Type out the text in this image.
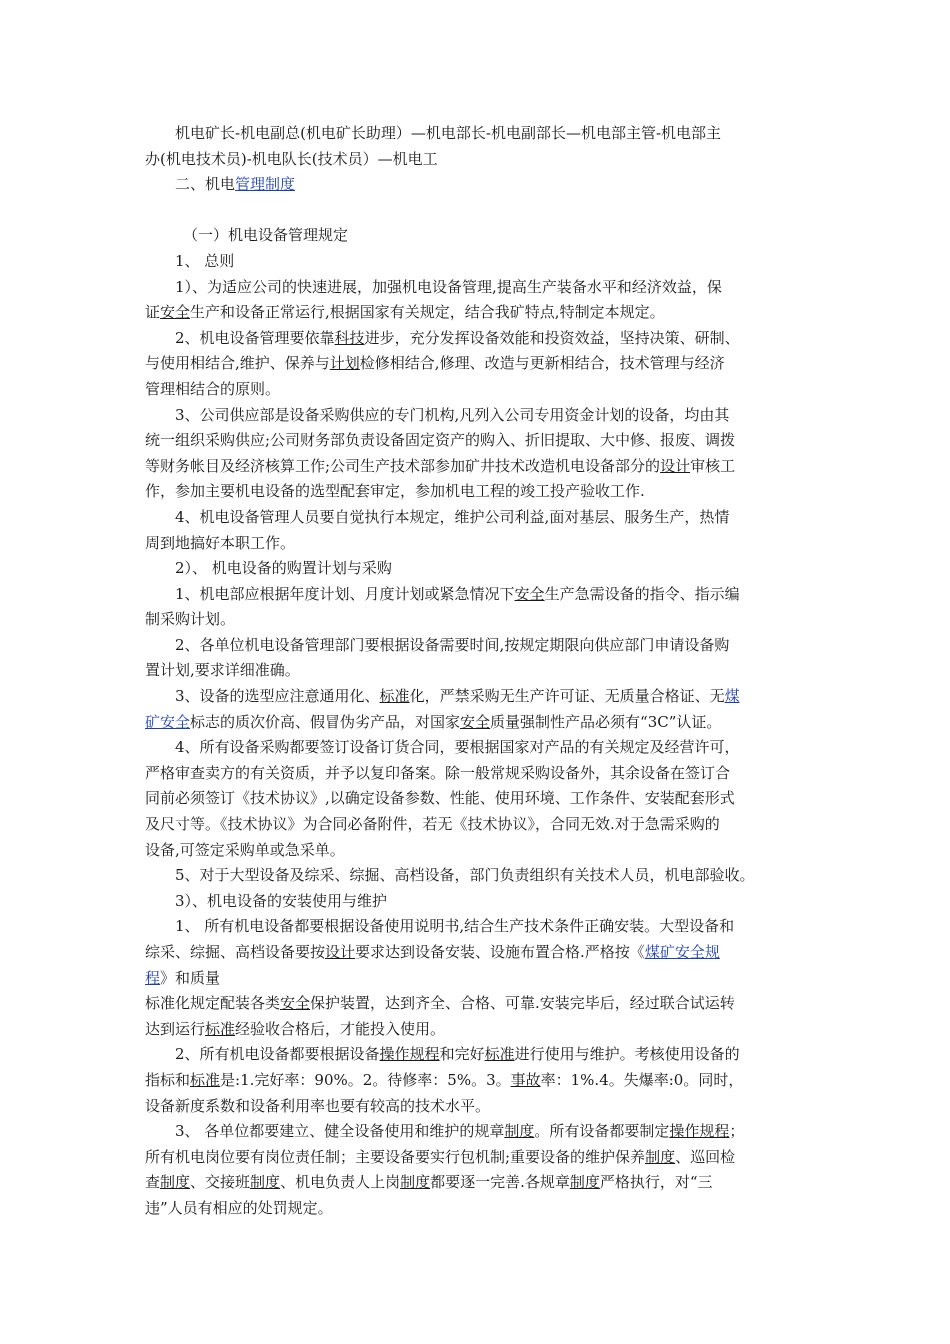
机电矿长-机电副总(机电矿长助理）—机电部长-机电副部长—机电部主管-机电部主
办(机电技术员)-机电队长(技术员）—机电工
二、机电管理制度
（一）机电设备管理规定
1、 总则
1）、为适应公司的快速进展，加强机电设备管理,提高生产装备水平和经济效益，保
证安全生产和设备正常运行,根据国家有关规定，结合我矿特点,特制定本规定。
2、机电设备管理要依靠科技进步，充分发挥设备效能和投资效益，坚持决策、研制、
与使用相结合,维护、保养与计划检修相结合,修理、改造与更新相结合，技术管理与经济
管理相结合的原则。
3、公司供应部是设备采购供应的专门机构,凡列入公司专用资金计划的设备，均由其
统一组织采购供应;公司财务部负责设备固定资产的购入、折旧提取、大中修、报废、调拨
等财务帐目及经济核算工作;公司生产技术部参加矿井技术改造机电设备部分的设计审核工
作，参加主要机电设备的选型配套审定，参加机电工程的竣工投产验收工作.
4、机电设备管理人员要自觉执行本规定，维护公司利益,面对基层、服务生产，热情
周到地搞好本职工作。
2）、 机电设备的购置计划与采购
1、机电部应根据年度计划、月度计划或紧急情况下安全生产急需设备的指令、指示编
制采购计划。
2、各单位机电设备管理部门要根据设备需要时间,按规定期限向供应部门申请设备购
置计划,要求详细准确。
3、设备的选型应注意通用化、标准化，严禁采购无生产许可证、无质量合格证、无煤
矿安全标志的质次价高、假冒伪劣产品，对国家安全质量强制性产品必须有“3C”认证。
4、所有设备采购都要签订设备订货合同，要根据国家对产品的有关规定及经营许可，
严格审查卖方的有关资质，并予以复印备案。除一般常规采购设备外，其余设备在签订合
同前必须签订《技术协议》,以确定设备参数、性能、使用环境、工作条件、安装配套形式
及尺寸等。《技术协议》为合同必备附件，若无《技术协议》，合同无效.对于急需采购的
设备,可签定采购单或急采单。
5、对于大型设备及综采、综掘、高档设备，部门负责组织有关技术人员，机电部验收。
3）、机电设备的安装使用与维护
1、 所有机电设备都要根据设备使用说明书,结合生产技术条件正确安装。大型设备和
综采、综掘、高档设备要按设计要求达到设备安装、设施布置合格.严格按《煤矿安全规
程》和质量
标准化规定配装各类安全保护装置，达到齐全、合格、可靠.安装完毕后，经过联合试运转
达到运行标准经验收合格后，才能投入使用。
2、所有机电设备都要根据设备操作规程和完好标准进行使用与维护。考核使用设备的
指标和标准是:1.完好率：90%。2。待修率：5%。3。事故率：1%.4。失爆率:0。同时，
设备新度系数和设备利用率也要有较高的技术水平。
3、 各单位都要建立、健全设备使用和维护的规章制度。所有设备都要制定操作规程；
所有机电岗位要有岗位责任制；主要设备要实行包机制;重要设备的维护保养制度、巡回检
查制度、交接班制度、机电负责人上岗制度都要逐一完善.各规章制度严格执行，对“三
违”人员有相应的处罚规定。
